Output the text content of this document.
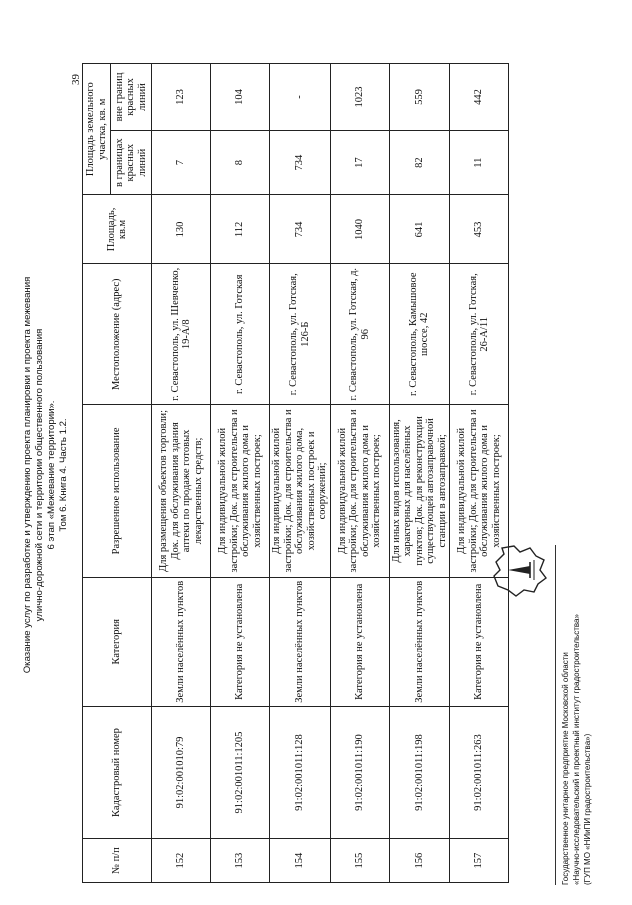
Оказание услуг по разработке и утверждению проекта планировки и проекта межевания улично-дорожной сети и территории общественного пользования 6 этап «Межевание территории». Том 6. Книга 4. Часть 1.2.
39
№ п/п	Кадастровый номер	Категория	Разрешенное использование	Местоположение (адрес)	Площадь, кв.м	Площадь земельного участка, кв. м	
						в границах красных линий	вне границ красных линий
152	91:02:001010:79	Земли населённых пунктов	Для размещения объектов торговли; Док. для обслуживания здания аптеки по продаже готовых лекарственных средств;	г. Севастополь, ул. Шевченко, 19-А/8	130	7	123
153	91:02:001011:1205	Категория не установлена	Для индивидуальной жилой застройки; Док. для строительства и обслуживания жилого дома и хозяйственных построек;	г. Севастополь, ул. Готская	112	8	104
154	91:02:001011:128	Земли населённых пунктов	Для индивидуальной жилой застройки; Док. для строительства и обслуживания жилого дома, хозяйственных построек и сооружений;	г. Севастополь, ул. Готская, 126-Б	734	734	-
155	91:02:001011:190	Категория не установлена	Для индивидуальной жилой застройки; Док. для строительства и обслуживания жилого дома и хозяйственных построек;	г. Севастополь, ул. Готская, д. 96	1040	17	1023
156	91:02:001011:198	Земли населённых пунктов	Для иных видов использования, характерных для населённых пунктов; Док. для реконструкции существующей автозаправочной станции в автозаправкой;	г. Севастополь, Камышовое шоссе, 42	641	82	559
157	91:02:001011:263	Категория не установлена	Для индивидуальной жилой застройки; Док. для строительства и обслуживания жилого дома и хозяйственных построек;	г. Севастополь, ул. Готская, 26-А/11	453	11	442
Государственное унитарное предприятие Московской области «Научно-исследовательский и проектный институт градостроительства» (ГУП МО «НИиПИ градостроительства»)
